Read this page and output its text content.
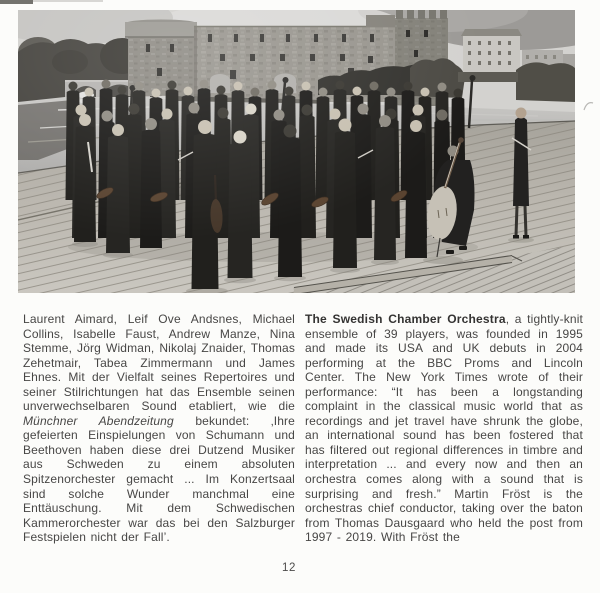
Laurent Aimard, Leif Ove Andsnes, Michael Collins, Isabelle Faust, Andrew Manze, Nina Stemme, Jörg Widman, Nikolaj Znaider, Thomas Zehetmair, Tabea Zimmermann und James Ehnes. Mit der Vielfalt seines Repertoires und seiner Stilrichtungen hat das Ensemble seinen unverwechselbaren Sound etabliert, wie die Münchner Abendzeitung bekundet: ‚Ihre gefeierten Einspielungen von Schumann und Beethoven haben diese drei Dutzend Musiker aus Schweden zu einem absoluten Spitzenorchester gemacht ... Im Konzertsaal sind solche Wunder manchmal eine Enttäuschung. Mit dem Schwedischen Kammerorchester war das bei den Salzburger Festspielen nicht der Fall’.

The Swedish Chamber Orchestra, a tightly-knit ensemble of 39 players, was founded in 1995 and made its USA and UK debuts in 2004 performing at the BBC Proms and Lincoln Center. The New York Times wrote of their performance: “It has been a longstanding complaint in the classical music world that as recordings and jet travel have shrunk the globe, an international sound has been fostered that has filtered out regional differences in timbre and interpretation ... and every now and then an orchestra comes along with a sound that is surprising and fresh.” Martin Fröst is the orchestras chief conductor, taking over the baton from Thomas Dausgaard who held the post from 1997 - 2019. With Fröst the

12
